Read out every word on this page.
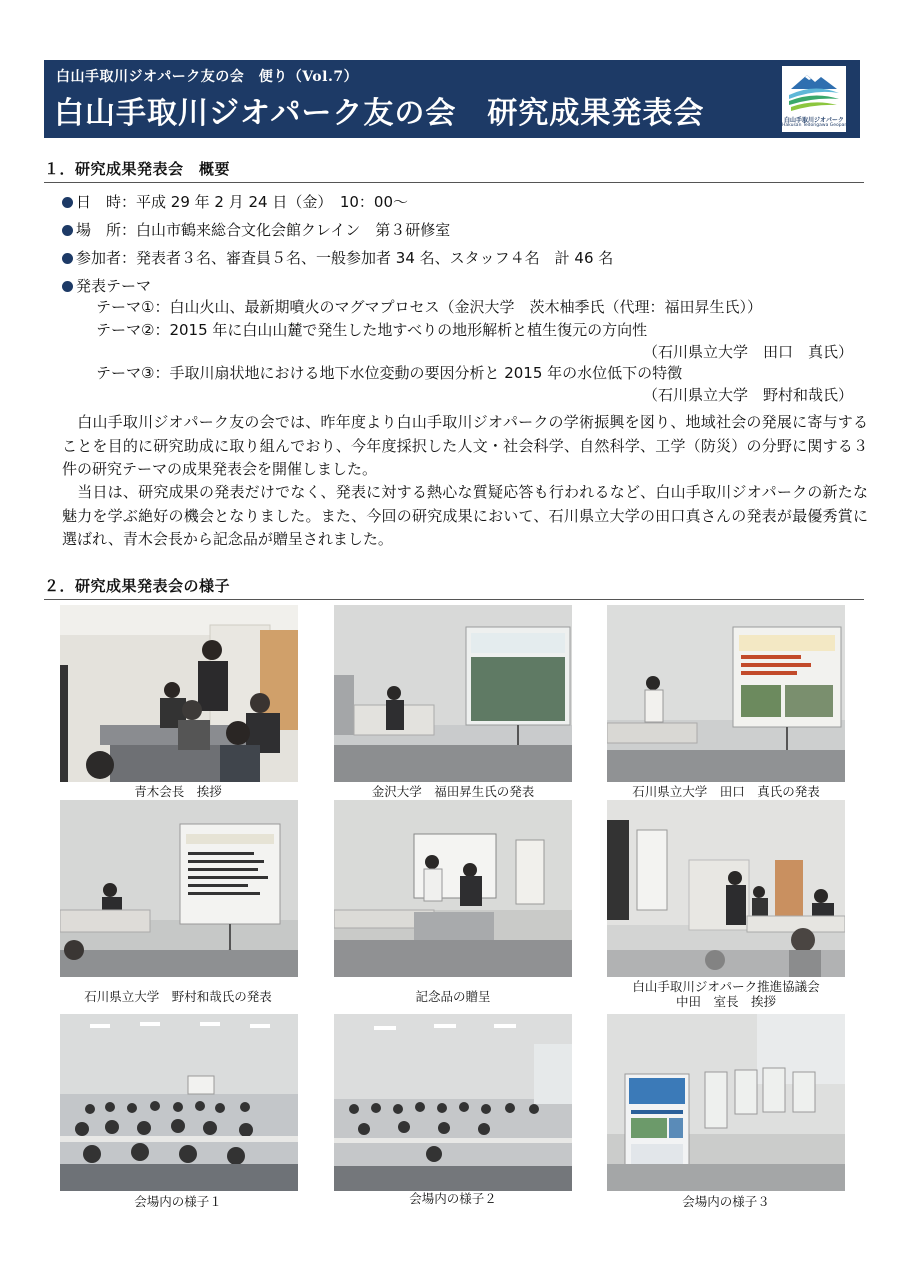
白山手取川ジオパーク友の会　便り（Vol.7）
白山手取川ジオパーク友の会　研究成果発表会	白山手取川ジオパーク
Hakusan Tedorigawa Geopark
１．研究成果発表会　概要
日　時：平成 29 年 2 月 24 日（金）　10：00～
場　所：白山市鶴来総合文化会館クレイン　第３研修室
参加者：発表者３名、審査員５名、一般参加者 34 名、スタッフ４名　計 46 名
発表テーマ
テーマ①：白山火山、最新期噴火のマグマプロセス（金沢大学　茨木柚季氏（代理：福田昇生氏））
テーマ②：2015 年に白山山麓で発生した地すべりの地形解析と植生復元の方向性
（石川県立大学　田口　真氏）
テーマ③：手取川扇状地における地下水位変動の要因分析と 2015 年の水位低下の特徴
（石川県立大学　野村和哉氏）

　白山手取川ジオパーク友の会では、昨年度より白山手取川ジオパークの学術振興を図り、地域社会の発展に寄与することを目的に研究助成に取り組んでおり、今年度採択した人文・社会科学、自然科学、工学（防災）の分野に関する３件の研究テーマの成果発表会を開催しました。

　当日は、研究成果の発表だけでなく、発表に対する熱心な質疑応答も行われるなど、白山手取川ジオパークの新たな魅力を学ぶ絶好の機会となりました。また、今回の研究成果において、石川県立大学の田口真さんの発表が最優秀賞に選ばれ、青木会長から記念品が贈呈されました。

２．研究成果発表会の様子
青木会長　挨拶	金沢大学　福田昇生氏の発表	石川県立大学　田口　真氏の発表
石川県立大学　野村和哉氏の発表	記念品の贈呈
白山手取川ジオパーク推進協議会
中田　室長　挨拶
会場内の様子１	会場内の様子２	会場内の様子３
